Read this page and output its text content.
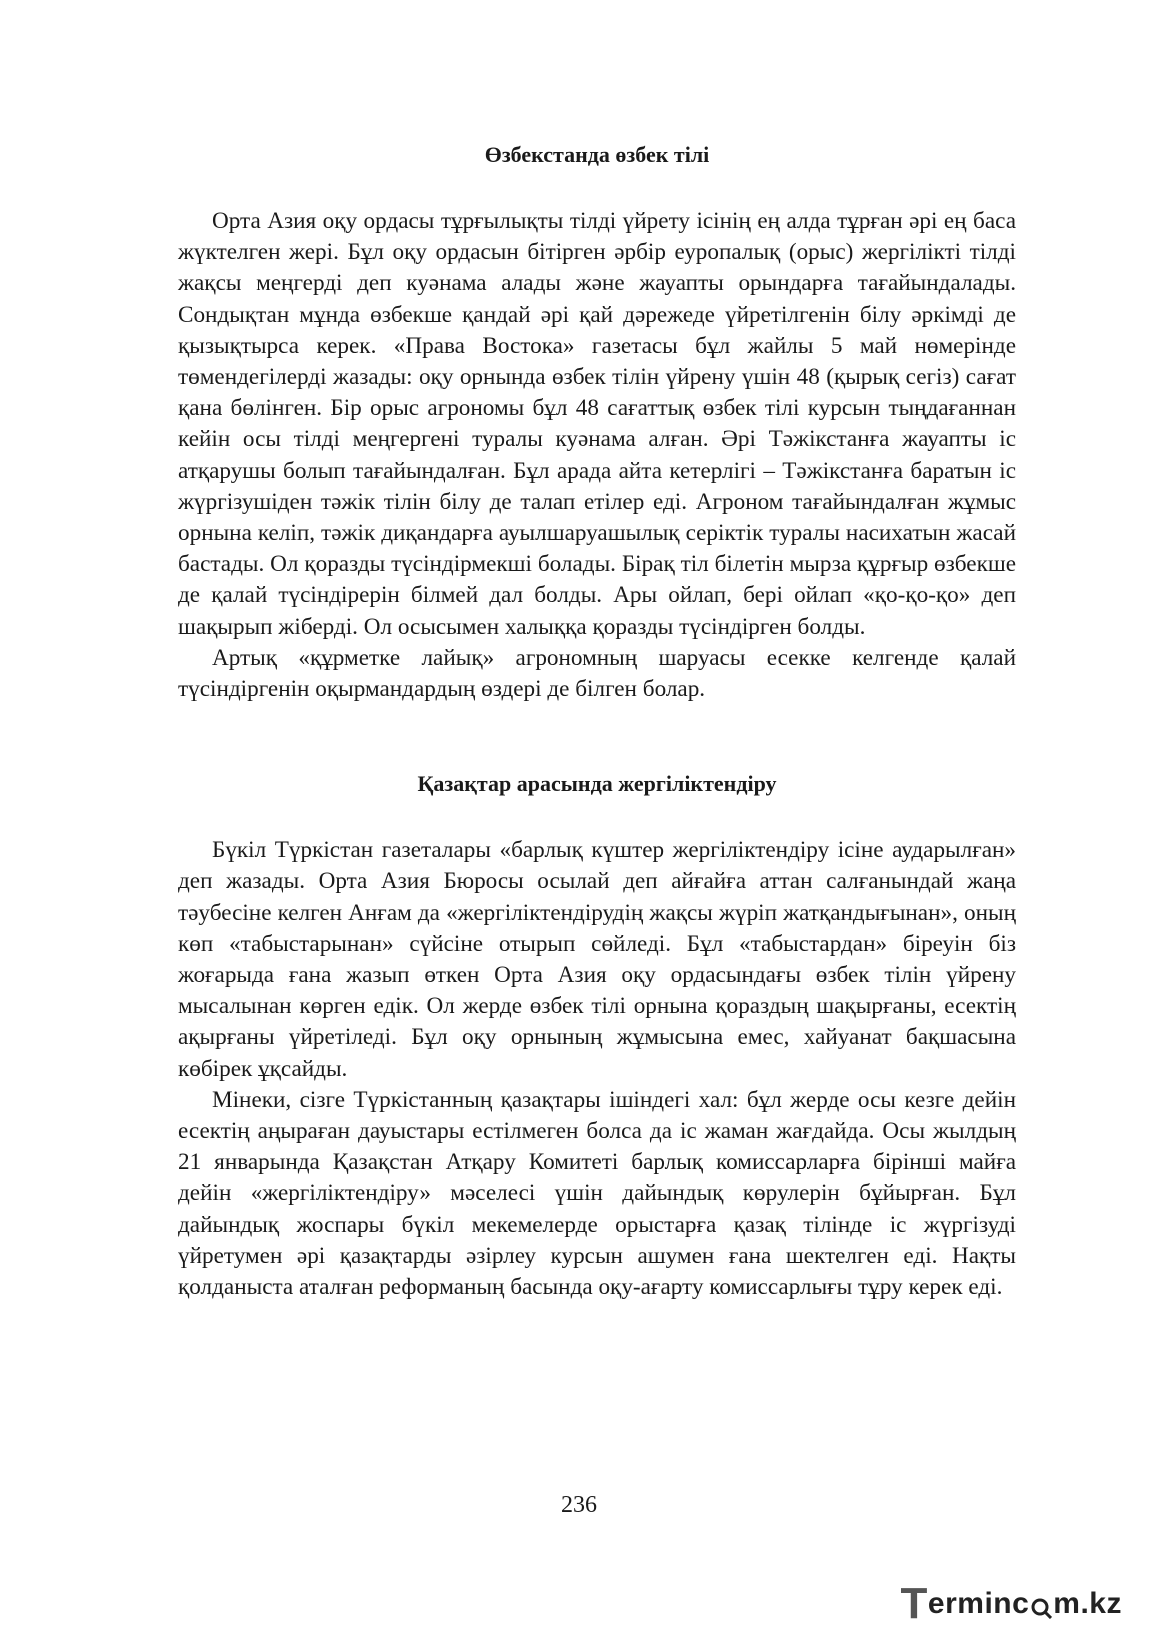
Өзбекстанда өзбек тілі

Орта Азия оқу ордасы тұрғылықты тілді үйрету ісінің ең алда тұрған әрі ең баса жүктелген жері. Бұл оқу ордасын бітірген әрбір еуропалық (орыс) жергілікті тілді жақсы меңгерді деп куәнама алады және жауапты орындарға тағайындалады. Сондықтан мұнда өзбекше қандай әрі қай дәрежеде үйретілгенін білу әркімді де қызықтырса керек. «Права Востока» газетасы бұл жайлы 5 май нөмерінде төмендегілерді жазады: оқу орнында өзбек тілін үйрену үшін 48 (қырық сегіз) сағат қана бөлінген. Бір орыс агрономы бұл 48 сағаттық өзбек тілі курсын тыңдағаннан кейін осы тілді меңгергені туралы куәнама алған. Әрі Тәжікстанға жауапты іс атқарушы болып тағайындалған. Бұл арада айта кетерлігі – Тәжікстанға баратын іс жүргізушіден тәжік тілін білу де талап етілер еді. Агроном тағайындалған жұмыс орнына келіп, тәжік диқандарға ауылшаруашылық серіктік туралы насихатын жасай бастады. Ол қоразды түсіндірмекші болады. Бірақ тіл білетін мырза құрғыр өзбекше де қалай түсіндірерін білмей дал болды. Ары ойлап, бері ойлап «қо-қо-қо» деп шақырып жіберді. Ол осысымен халыққа қоразды түсіндірген болды.

Артық «құрметке лайық» агрономның шаруасы есекке келгенде қалай түсіндіргенін оқырмандардың өздері де білген болар.

Қазақтар арасында жергіліктендіру

Бүкіл Түркістан газеталары «барлық күштер жергіліктендіру ісіне аударылған» деп жазады. Орта Азия Бюросы осылай деп айғайға аттан салғанындай жаңа тәубесіне келген Анғам да «жергіліктендірудің жақсы жүріп жатқандығынан», оның көп «табыстарынан» сүйсіне отырып сөйледі. Бұл «табыстардан» біреуін біз жоғарыда ғана жазып өткен Орта Азия оқу ордасындағы өзбек тілін үйрену мысалынан көрген едік. Ол жерде өзбек тілі орнына қораздың шақырғаны, есектің ақырғаны үйретіледі. Бұл оқу орнының жұмысына емес, хайуанат бақшасына көбірек ұқсайды.

Мінеки, сізге Түркістанның қазақтары ішіндегі хал: бұл жерде осы кезге дейін есектің аңыраған дауыстары естілмеген болса да іс жаман жағдайда. Осы жылдың 21 январында Қазақстан Атқару Комитеті барлық комиссарларға бірінші майға дейін «жергіліктендіру» мәселесі үшін дайындық көрулерін бұйырған. Бұл дайындық жоспары бүкіл мекемелерде орыстарға қазақ тілінде іс жүргізуді үйретумен әрі қазақтарды әзірлеу курсын ашумен ғана шектелген еді. Нақты қолданыста аталған реформаның басында оқу-ағарту комиссарлығы тұру керек еді.

236
T erminc m.kz
